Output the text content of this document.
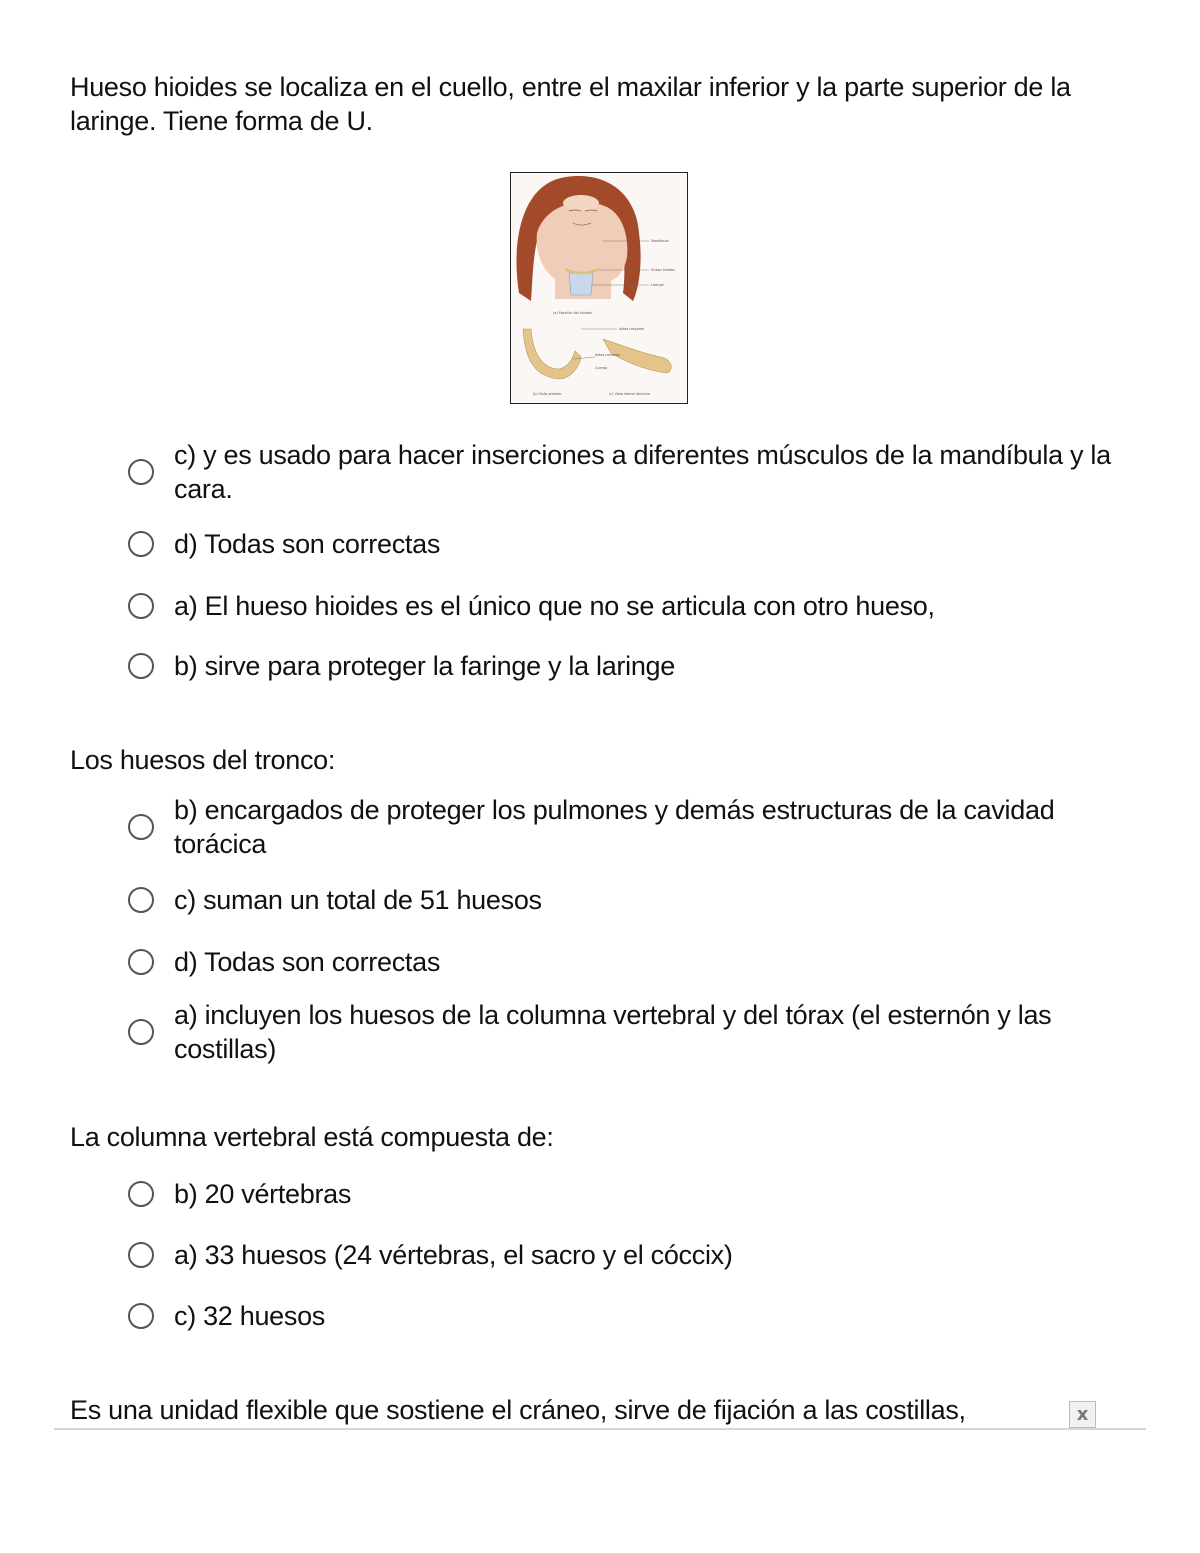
Hueso hioides se localiza en el cuello, entre el maxilar inferior y la parte superior de la laringe. Tiene forma de U.
Mandíbula
Hueso hioides
Laringe
(a) Posición del hioides
Astas mayores
Astas menores
Cuerpo
(b) Vista anterior	(c) Vista lateral derecha
c) y es usado para hacer inserciones a diferentes músculos de la mandíbula y la cara.
d) Todas son correctas
a) El hueso hioides es el único que no se articula con otro hueso,
b) sirve para proteger la faringe y la laringe
Los huesos del tronco:
b) encargados de proteger los pulmones y demás estructuras de la cavidad torácica
c) suman un total de 51 huesos
d) Todas son correctas
a) incluyen los huesos de la columna vertebral y del tórax (el esternón y las costillas)
La columna vertebral está compuesta de:
b) 20 vértebras
a) 33 huesos (24 vértebras, el sacro y el cóccix)
c) 32 huesos
Es una unidad flexible que sostiene el cráneo, sirve de fijación a las costillas,	x
